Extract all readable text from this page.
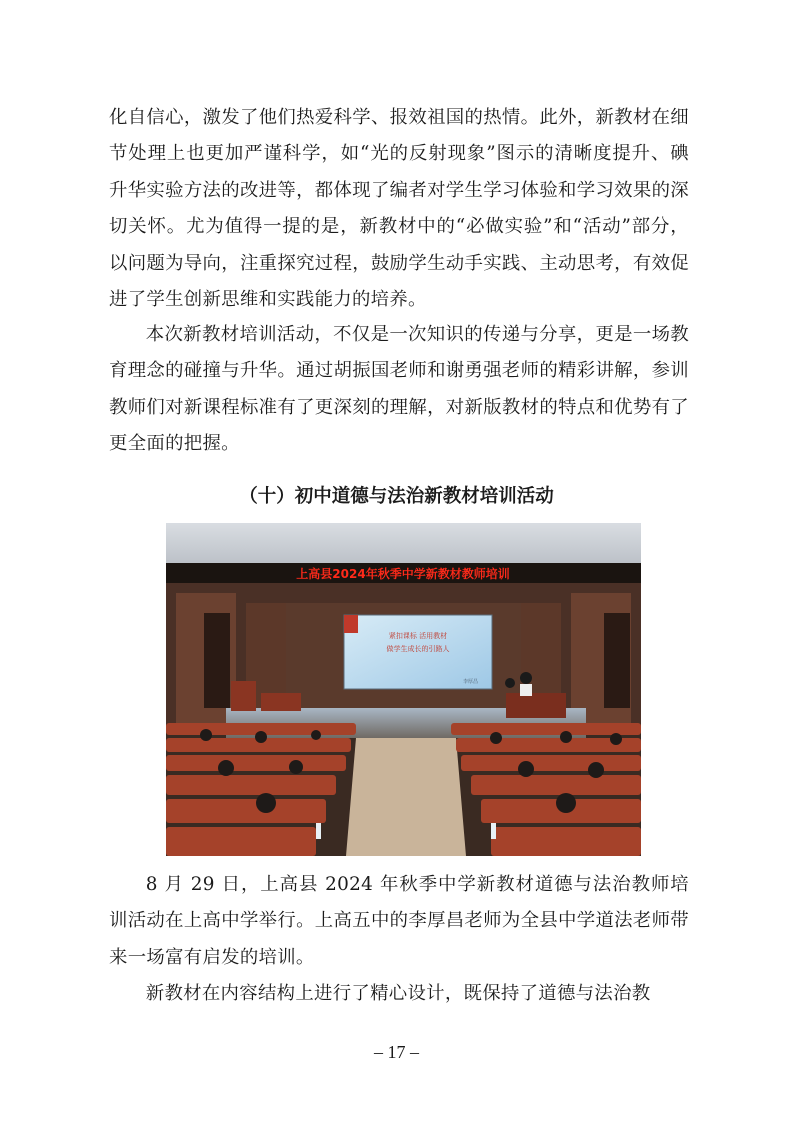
化自信心，激发了他们热爱科学、报效祖国的热情。此外，新教材在细节处理上也更加严谨科学，如“光的反射现象”图示的清晰度提升、碘升华实验方法的改进等，都体现了编者对学生学习体验和学习效果的深切关怀。尤为值得一提的是，新教材中的“必做实验”和“活动”部分，以问题为导向，注重探究过程，鼓励学生动手实践、主动思考，有效促进了学生创新思维和实践能力的培养。

本次新教材培训活动，不仅是一次知识的传递与分享，更是一场教育理念的碰撞与升华。通过胡振国老师和谢勇强老师的精彩讲解，参训教师们对新课程标准有了更深刻的理解，对新版教材的特点和优势有了更全面的把握。

（十）初中道德与法治新教材培训活动
上高县2024年秋季中学新教材教师培训
紧扣课标 活用教材
做学生成长的引路人
李厚昌

8 月 29 日，上高县 2024 年秋季中学新教材道德与法治教师培训活动在上高中学举行。上高五中的李厚昌老师为全县中学道法老师带来一场富有启发的培训。

新教材在内容结构上进行了精心设计，既保持了道德与法治教

– 17 –
